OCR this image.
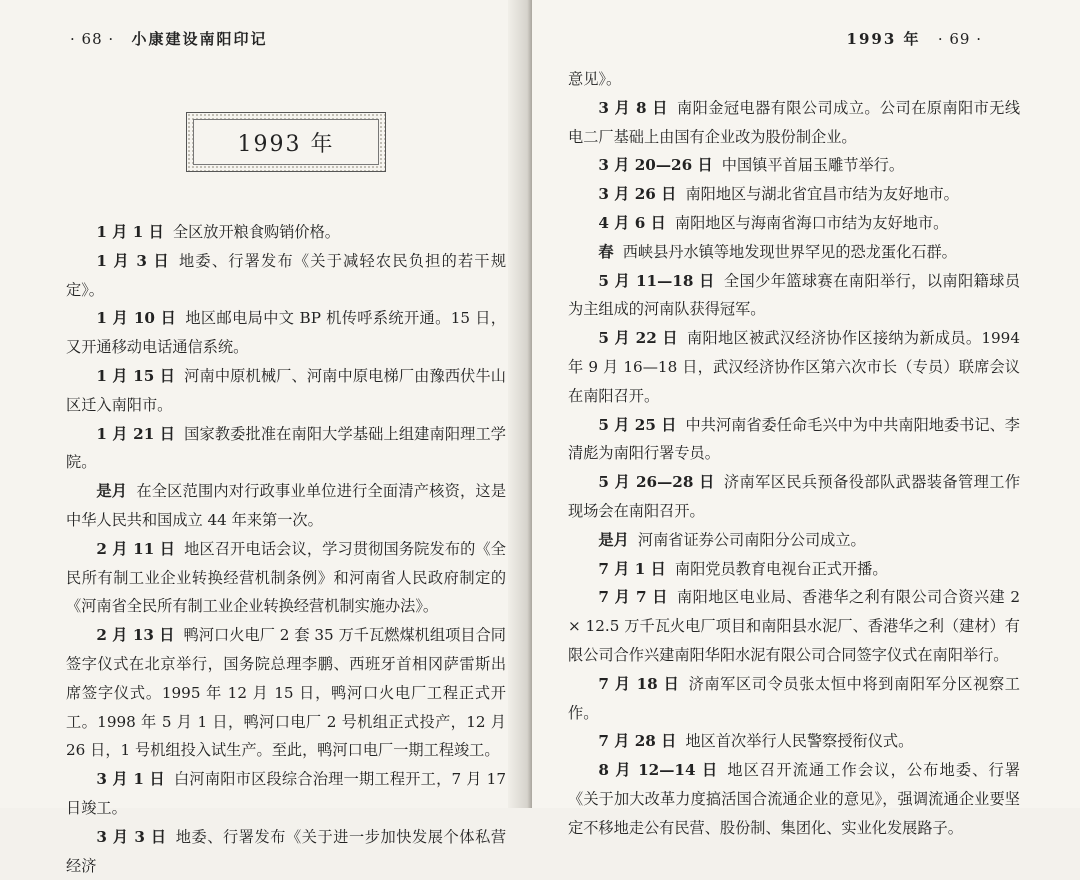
· 68 · 小康建设南阳印记
1993 年

1 月 1 日 全区放开粮食购销价格。

1 月 3 日 地委、行署发布《关于减轻农民负担的若干规定》。

1 月 10 日 地区邮电局中文 BP 机传呼系统开通。15 日，又开通移动电话通信系统。

1 月 15 日 河南中原机械厂、河南中原电梯厂由豫西伏牛山区迁入南阳市。

1 月 21 日 国家教委批准在南阳大学基础上组建南阳理工学院。

是月 在全区范围内对行政事业单位进行全面清产核资，这是中华人民共和国成立 44 年来第一次。

2 月 11 日 地区召开电话会议，学习贯彻国务院发布的《全民所有制工业企业转换经营机制条例》和河南省人民政府制定的《河南省全民所有制工业企业转换经营机制实施办法》。

2 月 13 日 鸭河口火电厂 2 套 35 万千瓦燃煤机组项目合同签字仪式在北京举行，国务院总理李鹏、西班牙首相冈萨雷斯出席签字仪式。1995 年 12 月 15 日，鸭河口火电厂工程正式开工。1998 年 5 月 1 日，鸭河口电厂 2 号机组正式投产，12 月 26 日，1 号机组投入试生产。至此，鸭河口电厂一期工程竣工。

3 月 1 日 白河南阳市区段综合治理一期工程开工，7 月 17 日竣工。

3 月 3 日 地委、行署发布《关于进一步加快发展个体私营经济

1993 年 · 69 ·

意见》。

3 月 8 日 南阳金冠电器有限公司成立。公司在原南阳市无线电二厂基础上由国有企业改为股份制企业。

3 月 20—26 日 中国镇平首届玉雕节举行。

3 月 26 日 南阳地区与湖北省宜昌市结为友好地市。

4 月 6 日 南阳地区与海南省海口市结为友好地市。

春 西峡县丹水镇等地发现世界罕见的恐龙蛋化石群。

5 月 11—18 日 全国少年篮球赛在南阳举行，以南阳籍球员为主组成的河南队获得冠军。

5 月 22 日 南阳地区被武汉经济协作区接纳为新成员。1994 年 9 月 16—18 日，武汉经济协作区第六次市长（专员）联席会议在南阳召开。

5 月 25 日 中共河南省委任命毛兴中为中共南阳地委书记、李清彪为南阳行署专员。

5 月 26—28 日 济南军区民兵预备役部队武器装备管理工作现场会在南阳召开。

是月 河南省证券公司南阳分公司成立。

7 月 1 日 南阳党员教育电视台正式开播。

7 月 7 日 南阳地区电业局、香港华之利有限公司合资兴建 2 × 12.5 万千瓦火电厂项目和南阳县水泥厂、香港华之利（建材）有限公司合作兴建南阳华阳水泥有限公司合同签字仪式在南阳举行。

7 月 18 日 济南军区司令员张太恒中将到南阳军分区视察工作。

7 月 28 日 地区首次举行人民警察授衔仪式。

8 月 12—14 日 地区召开流通工作会议，公布地委、行署《关于加大改革力度搞活国合流通企业的意见》，强调流通企业要坚定不移地走公有民营、股份制、集团化、实业化发展路子。
